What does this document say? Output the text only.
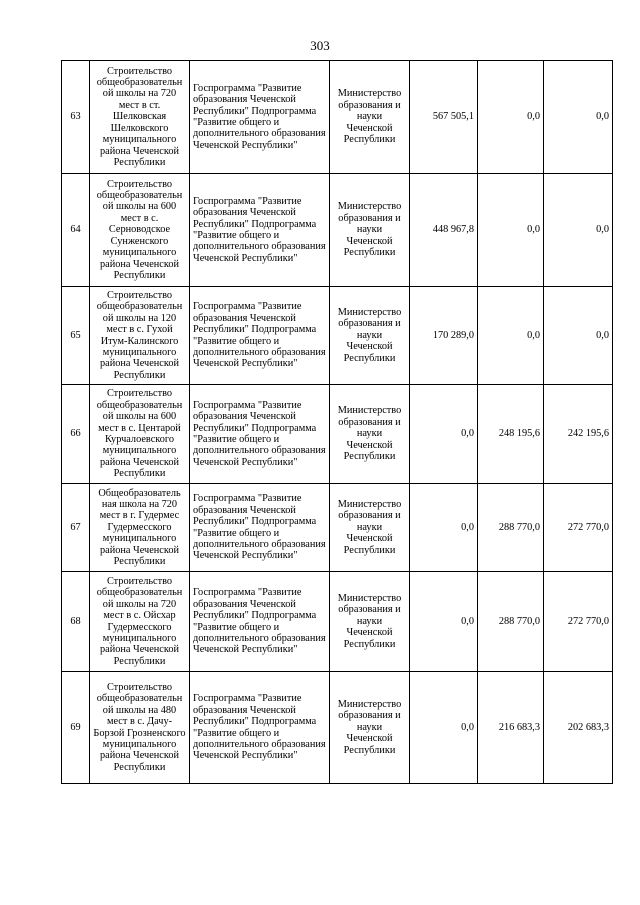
303
63	Строительство общеобразовательн ой школы на 720 мест в ст. Шелковская Шелковского муниципального района Чеченской Республики	Госпрограмма "Развитие образования Чеченской Республики" Подпрограмма "Развитие общего и дополнительного образования Чеченской Республики"	Министерство образования и науки Чеченской Республики	567 505,1	0,0	0,0
64	Строительство общеобразовательн ой школы на 600 мест в с. Серноводское Сунженского муниципального района Чеченской Республики	Госпрограмма "Развитие образования Чеченской Республики" Подпрограмма "Развитие общего и дополнительного образования Чеченской Республики"	Министерство образования и науки Чеченской Республики	448 967,8	0,0	0,0
65	Строительство общеобразовательн ой школы на 120 мест в с. Гухой Итум-Калинского муниципального района Чеченской Республики	Госпрограмма "Развитие образования Чеченской Республики" Подпрограмма "Развитие общего и дополнительного образования Чеченской Республики"	Министерство образования и науки Чеченской Республики	170 289,0	0,0	0,0
66	Строительство общеобразовательн ой школы на 600 мест в с. Центарой Курчалоевского муниципального района Чеченской Республики	Госпрограмма "Развитие образования Чеченской Республики" Подпрограмма "Развитие общего и дополнительного образования Чеченской Республики"	Министерство образования и науки Чеченской Республики	0,0	248 195,6	242 195,6
67	Общеобразователь ная школа на 720 мест в г. Гудермес Гудермесского муниципального района Чеченской Республики	Госпрограмма "Развитие образования Чеченской Республики" Подпрограмма "Развитие общего и дополнительного образования Чеченской Республики"	Министерство образования и науки Чеченской Республики	0,0	288 770,0	272 770,0
68	Строительство общеобразовательн ой школы на 720 мест в с. Ойсхар Гудермесского муниципального района Чеченской Республики	Госпрограмма "Развитие образования Чеченской Республики" Подпрограмма "Развитие общего и дополнительного образования Чеченской Республики"	Министерство образования и науки Чеченской Республики	0,0	288 770,0	272 770,0
69	Строительство общеобразовательн ой школы на 480 мест в с. Дачу-Борзой Грозненского муниципального района Чеченской Республики	Госпрограмма "Развитие образования Чеченской Республики" Подпрограмма "Развитие общего и дополнительного образования Чеченской Республики"	Министерство образования и науки Чеченской Республики	0,0	216 683,3	202 683,3
